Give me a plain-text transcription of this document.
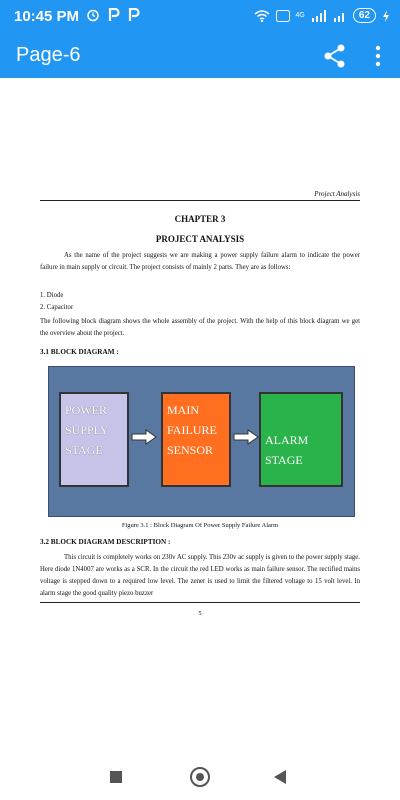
10:45 PM	4G	62
Page-6
Project Analysis
CHAPTER 3
PROJECT ANALYSIS
As the name of the project suggests we are making a power supply failure alarm to indicate the power failure in main supply or circuit. The project consists of mainly 2 parts. They are as follows:
1. Diode
2. Capacitor
The following block diagram shows the whole assembly of the project. With the help of this block diagram we get the overview about the project.
3.1 BLOCK DIAGRAM :
POWER SUPPLY
STAGE
MAIN FAILURE
SENSOR
ALARM STAGE
Figure 3.1 : Block Diagram Of Power Supply Failure Alarm
3.2 BLOCK DIAGRAM DESCRIPTION :
This circuit is completely works on 230v AC supply. This 230v ac supply is given to the power supply stage. Here diode 1N4007 are works as a SCR. In the circuit the red LED works as main failure sensor. The rectified mains voltage is stepped down to a required low level. The zener is used to limit the filtered voltage to 15 volt level. In alarm stage the good quality piezo buzzer
5
